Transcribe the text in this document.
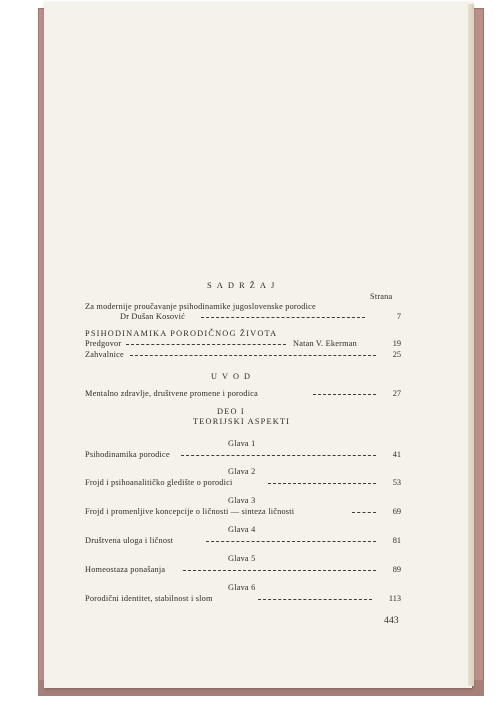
SADRŽAJ
Strana
Za modernije proučavanje psihodinamike jugoslovenske porodice
Dr Dušan Kosović	7
PSIHODINAMIKA PORODIČNOG ŽIVOTA
Predgovor	Natan V. Ekerman	19
Zahvalnice	25
UVOD
Mentalno zdravlje, društvene promene i porodica	27
DEO I
TEORIJSKI ASPEKTI
Glava 1
Psihodinamika porodice	41
Glava 2
Frojd i psihoanalitičko gledište o porodici	53
Glava 3
Frojd i promenljive koncepcije o ličnosti — sinteza ličnosti	69
Glava 4
Društvena uloga i ličnost	81
Glava 5
Homeostaza ponašanja	89
Glava 6
Porodični identitet, stabilnost i slom	113
443
